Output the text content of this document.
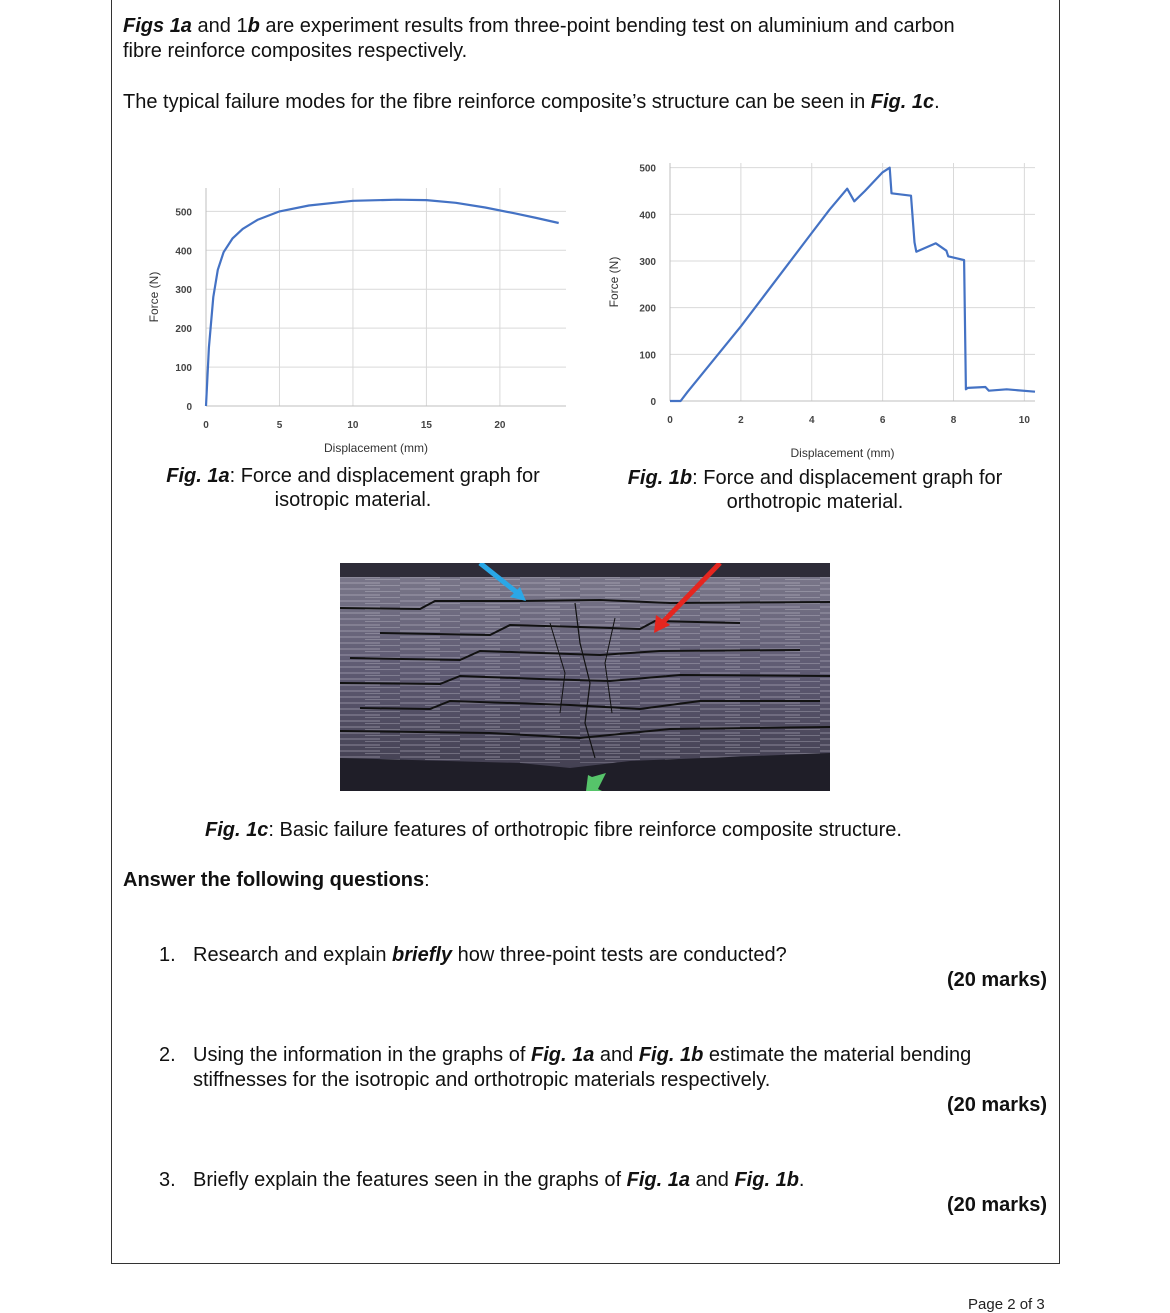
Figs 1a and 1b are experiment results from three-point bending test on aluminium and carbon
fibre reinforce composites respectively.
The typical failure modes for the fibre reinforce composite’s structure can be seen in Fig. 1c.
0
100
200
300
400
500
0	5	10	15	20
Displacement (mm)
Force (N)
0
100
200
300
400
500
0	2	4	6	8	10
Displacement (mm)
Force (N)
Fig. 1a: Force and displacement graph for
isotropic material.
Fig. 1b: Force and displacement graph for
orthotropic material.
Fig. 1c: Basic failure features of orthotropic fibre reinforce composite structure.
Answer the following questions:
1. Research and explain briefly how three-point tests are conducted?
(20 marks)
2. Using the information in the graphs of Fig. 1a and Fig. 1b estimate the material bending
stiffnesses for the isotropic and orthotropic materials respectively.
(20 marks)
3. Briefly explain the features seen in the graphs of Fig. 1a and Fig. 1b.
(20 marks)
Page 2 of 3
